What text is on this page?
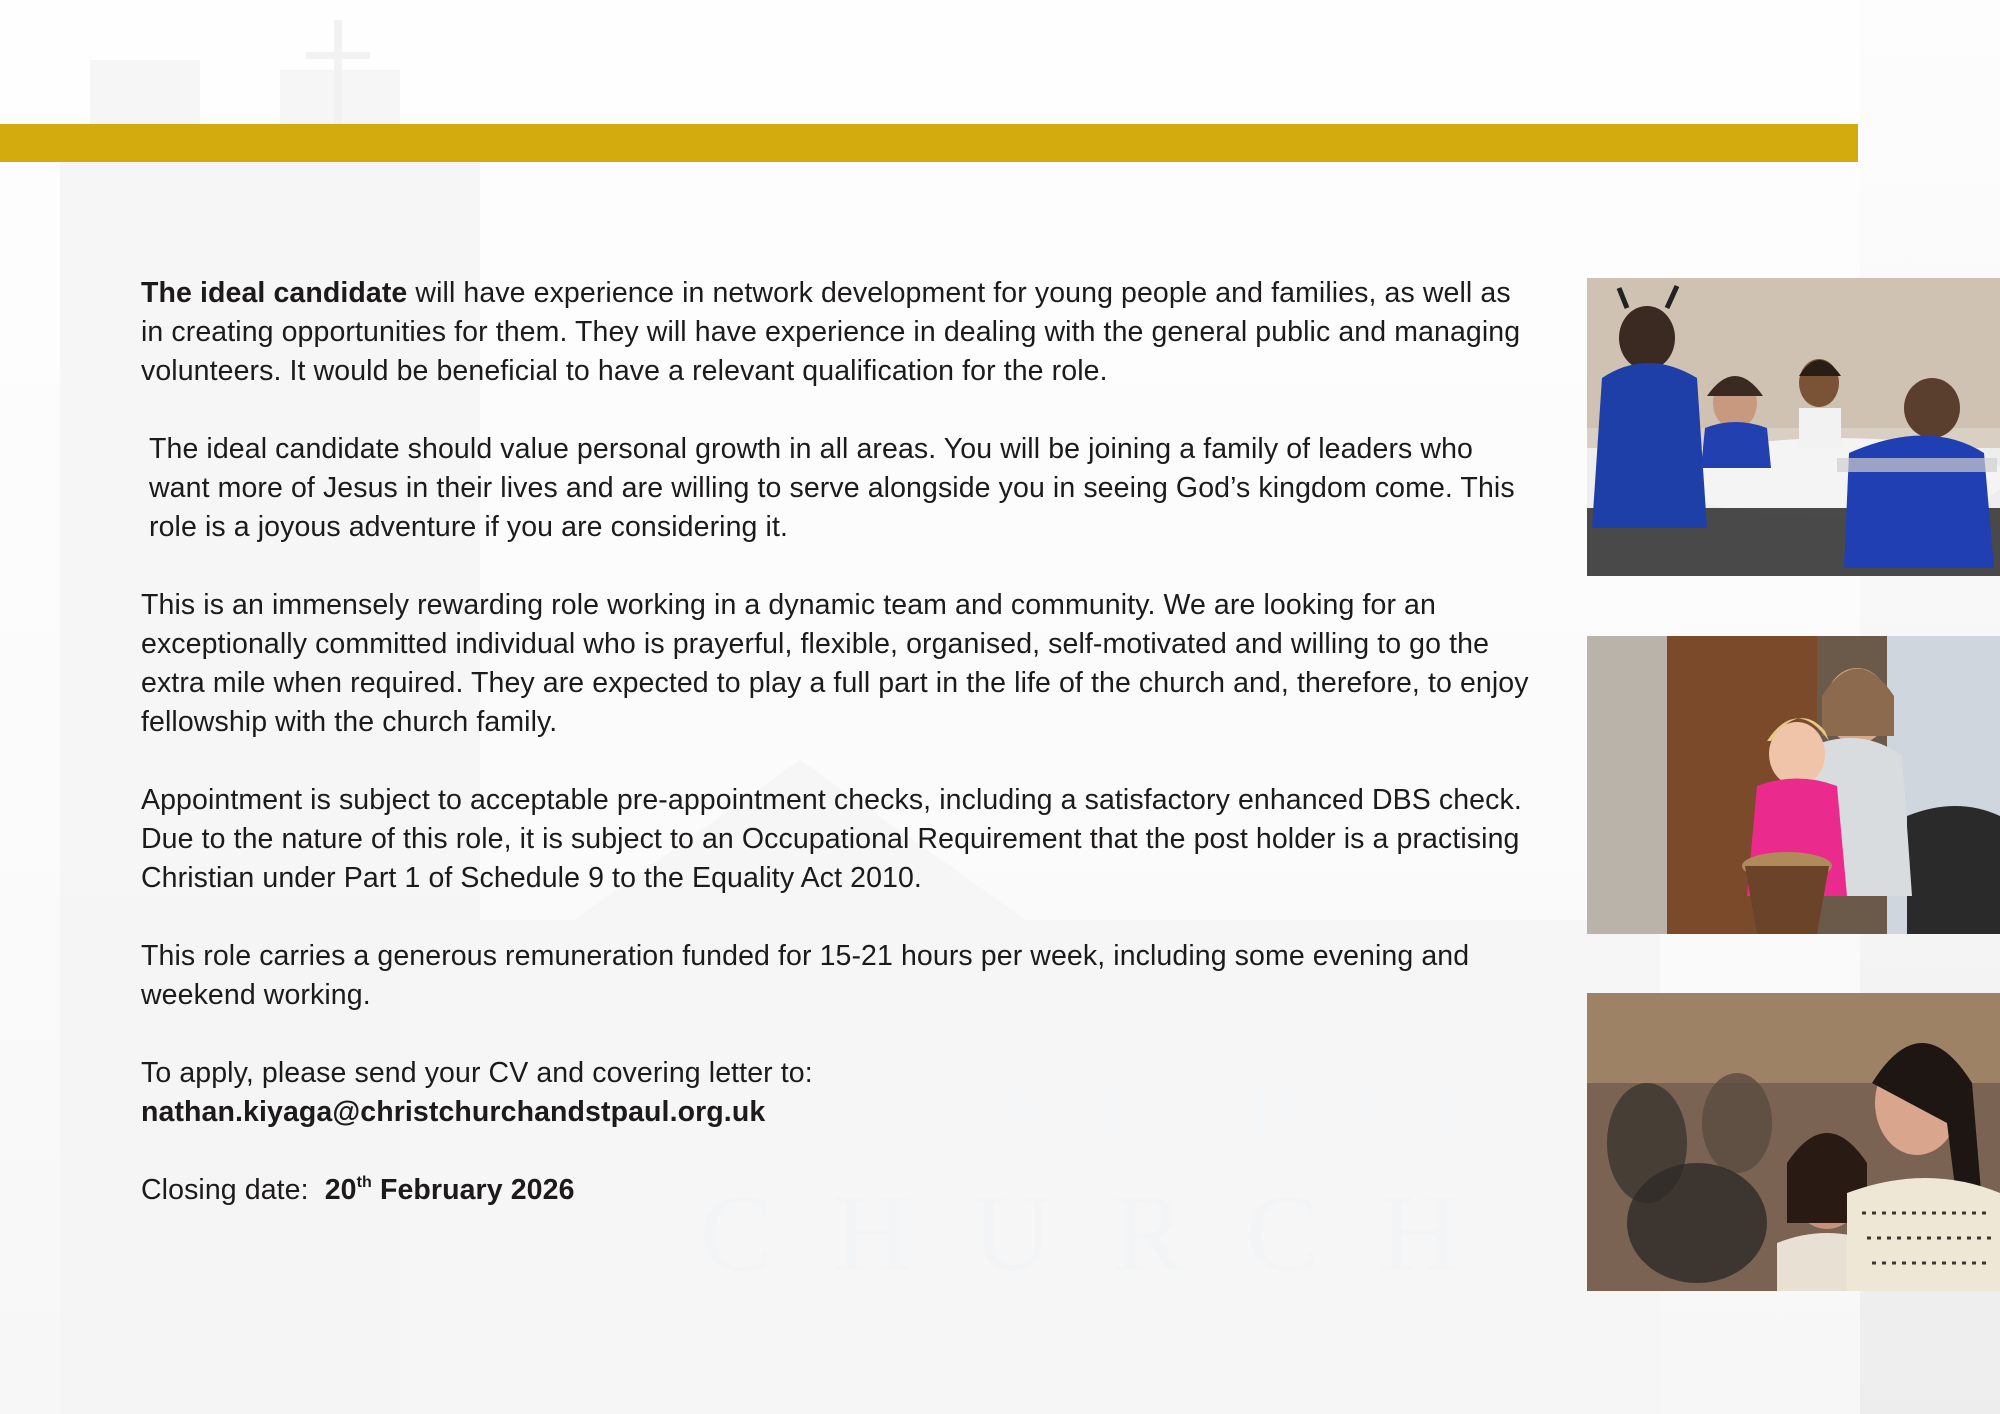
The ideal candidate will have experience in network development for young people and families, as well as in creating opportunities for them. They will have experience in dealing with the general public and managing volunteers. It would be beneficial to have a relevant qualification for the role.

The ideal candidate should value personal growth in all areas. You will be joining a family of leaders who want more of Jesus in their lives and are willing to serve alongside you in seeing God’s kingdom come. This role is a joyous adventure if you are considering it.

This is an immensely rewarding role working in a dynamic team and community. We are looking for an exceptionally committed individual who is prayerful, flexible, organised, self-motivated and willing to go the extra mile when required. They are expected to play a full part in the life of the church and, therefore, to enjoy fellowship with the church family.

Appointment is subject to acceptable pre-appointment checks, including a satisfactory enhanced DBS check. Due to the nature of this role, it is subject to an Occupational Requirement that the post holder is a practising Christian under Part 1 of Schedule 9 to the Equality Act 2010.

This role carries a generous remuneration funded for 15-21 hours per week, including some evening and weekend working.

To apply, please send your CV and covering letter to:
nathan.kiyaga@christchurchandstpaul.org.uk

Closing date: 20th February 2026
